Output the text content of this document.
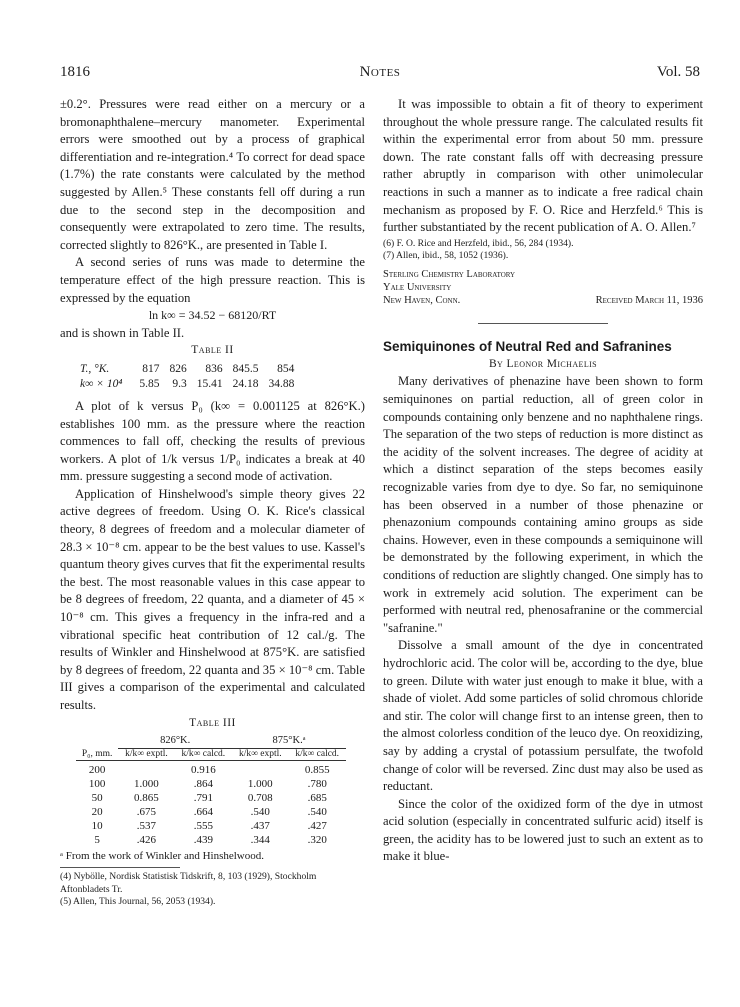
1816	Notes	Vol. 58

±0.2°. Pressures were read either on a mercury or a bromonaphthalene–mercury manometer. Experimental errors were smoothed out by a process of graphical differentiation and re-integration.⁴ To correct for dead space (1.7%) the rate constants were calculated by the method suggested by Allen.⁵ These constants fell off during a run due to the second step in the decomposition and consequently were extrapolated to zero time. The results, corrected slightly to 826°K., are presented in Table I.

A second series of runs was made to determine the temperature effect of the high pressure reaction. This is expressed by the equation

ln k∞ = 34.52 − 68120/RT

and is shown in Table II.

Table II

T., °K.	817	826	836	845.5	854
k∞ × 10⁴	5.85	9.3	15.41	24.18	34.88

A plot of k versus P₀ (k∞ = 0.001125 at 826°K.) establishes 100 mm. as the pressure where the reaction commences to fall off, checking the results of previous workers. A plot of 1/k versus 1/P₀ indicates a break at 40 mm. pressure suggesting a second mode of activation.

Application of Hinshelwood's simple theory gives 22 active degrees of freedom. Using O. K. Rice's classical theory, 8 degrees of freedom and a molecular diameter of 28.3 × 10⁻⁸ cm. appear to be the best values to use. Kassel's quantum theory gives curves that fit the experimental results the best. The most reasonable values in this case appear to be 8 degrees of freedom, 22 quanta, and a diameter of 45 × 10⁻⁸ cm. This gives a frequency in the infra-red and a vibrational specific heat contribution of 12 cal./g. The results of Winkler and Hinshelwood at 875°K. are satisfied by 8 degrees of freedom, 22 quanta and 35 × 10⁻⁸ cm. Table III gives a comparison of the experimental and calculated results.

Table III

	826°K.		875°K.ᵃ	
P₀, mm.	k/k∞ exptl.	k/k∞ calcd.	k/k∞ exptl.	k/k∞ calcd.
200		0.916		0.855
100	1.000	.864	1.000	.780
50	0.865	.791	0.708	.685
20	.675	.664	.540	.540
10	.537	.555	.437	.427
5	.426	.439	.344	.320

ᵃ From the work of Winkler and Hinshelwood.

(4) Nybölle, Nordisk Statistisk Tidskrift, 8, 103 (1929), Stockholm Aftonbladets Tr.

(5) Allen, This Journal, 56, 2053 (1934).

It was impossible to obtain a fit of theory to experiment throughout the whole pressure range. The calculated results fit within the experimental error from about 50 mm. pressure down. The rate constant falls off with decreasing pressure rather abruptly in comparison with other unimolecular reactions in such a manner as to indicate a free radical chain mechanism as proposed by F. O. Rice and Herzfeld.⁶ This is further substantiated by the recent publication of A. O. Allen.⁷

(6) F. O. Rice and Herzfeld, ibid., 56, 284 (1934).

(7) Allen, ibid., 58, 1052 (1936).

Sterling Chemistry Laboratory
Yale University
New Haven, Conn.	Received March 11, 1936

Semiquinones of Neutral Red and Safranines

By Leonor Michaelis

Many derivatives of phenazine have been shown to form semiquinones on partial reduction, all of green color in compounds containing only benzene and no naphthalene rings. The separation of the two steps of reduction is more distinct as the acidity of the solvent increases. The degree of acidity at which a distinct separation of the steps becomes easily recognizable varies from dye to dye. So far, no semiquinone has been observed in a number of those phenazine or phenazonium compounds containing amino groups as side chains. However, even in these compounds a semiquinone will be demonstrated by the following experiment, in which the conditions of reduction are slightly changed. One simply has to work in extremely acid solution. The experiment can be performed with neutral red, phenosafranine or the commercial "safranine."

Dissolve a small amount of the dye in concentrated hydrochloric acid. The color will be, according to the dye, blue to green. Dilute with water just enough to make it blue, with a shade of violet. Add some particles of solid chromous chloride and stir. The color will change first to an intense green, then to the almost colorless condition of the leuco dye. On reoxidizing, say by adding a crystal of potassium persulfate, the twofold change of color will be reversed. Zinc dust may also be used as reductant.

Since the color of the oxidized form of the dye in utmost acid solution (especially in concentrated sulfuric acid) itself is green, the acidity has to be lowered just to such an extent as to make it blue-
